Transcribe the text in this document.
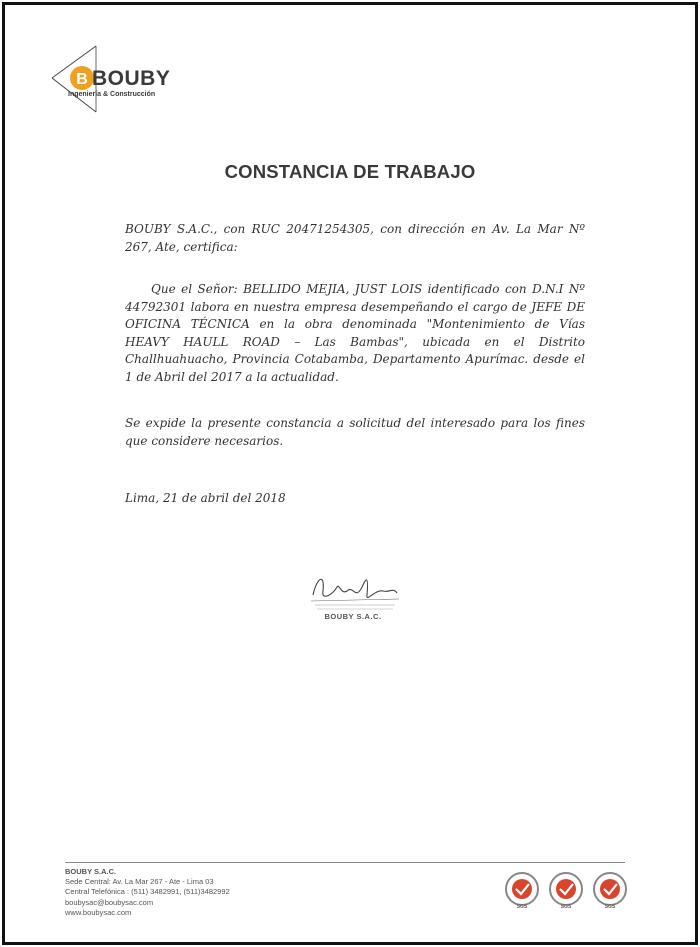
B BOUBY
Ingeniería & Construcción
CONSTANCIA DE TRABAJO
BOUBY S.A.C., con RUC 20471254305, con dirección en Av. La Mar Nº 267, Ate, certifica:
Que el Señor: BELLIDO MEJIA, JUST LOIS identificado con D.N.I Nº 44792301 labora en nuestra empresa desempeñando el cargo de JEFE DE OFICINA TÉCNICA en la obra denominada "Montenimiento de Vías HEAVY HAULL ROAD – Las Bambas", ubicada en el Distrito Challhuahuacho, Provincia Cotabamba, Departamento Apurímac. desde el 1 de Abril del 2017 a la actualidad.
Se expide la presente constancia a solicitud del interesado para los fines que considere necesarios.
Lima, 21 de abril del 2018
BOUBY S.A.C.
BOUBY S.A.C.
Sede Central: Av. La Mar 267 - Ate - Lima 03
Central Telefónica : (511) 3482991, (511)3482992
boubysac@boubysac.com
www.boubysac.com
SGS	SGS	SGS
